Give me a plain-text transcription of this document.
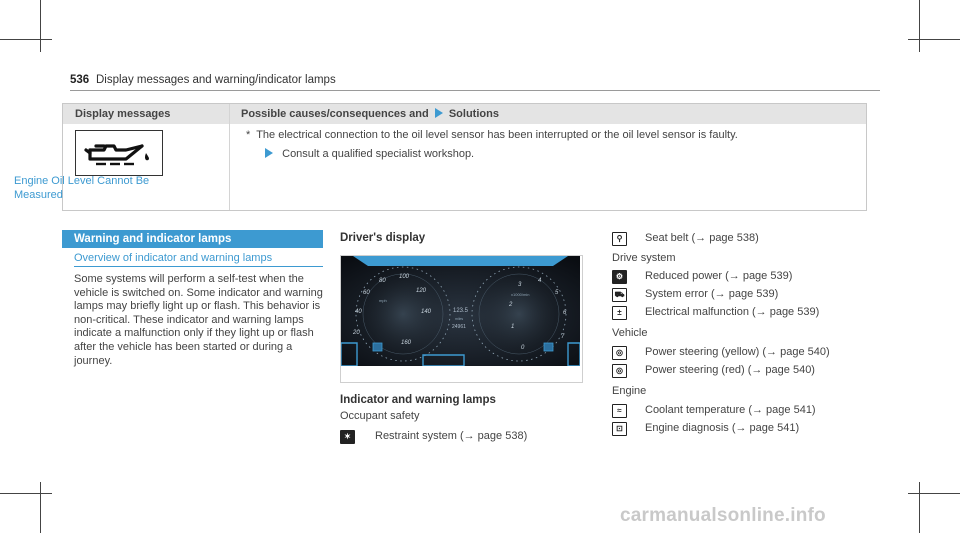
536 Display messages and warning/indicator lamps
Display messages	Possible causes/consequences and Solutions
Engine Oil Level Cannot Be Measured
* The electrical connection to the oil level sensor has been interrupted or the oil level sensor is faulty.
Consult a qualified specialist workshop.
Warning and indicator lamps
Overview of indicator and warning lamps
Some systems will perform a self-test when the vehicle is switched on. Some indicator and warning lamps may briefly light up or flash. This behavior is non-critical. These indicator and warning lamps indicate a malfunction only if they light up or flash after the vehicle has been started or during a journey.
Driver's display
20
40
60
80
100
120
140
160
0
1
2
3
4
5
6
7
mph
x1000/min
123.5
miles
24961
Indicator and warning lamps
Occupant safety
✶	Restraint system (→ page 538)
⚲	Seat belt (→ page 538)
Drive system
⚙	Reduced power (→ page 539)
⛟ System error (→ page 539)
±	Electrical malfunction (→ page 539)
Vehicle
◎	Power steering (yellow) (→ page 540)
◎	Power steering (red) (→ page 540)
Engine
≈	Coolant temperature (→ page 541)
⊡	Engine diagnosis (→ page 541)
carmanualsonline.info
